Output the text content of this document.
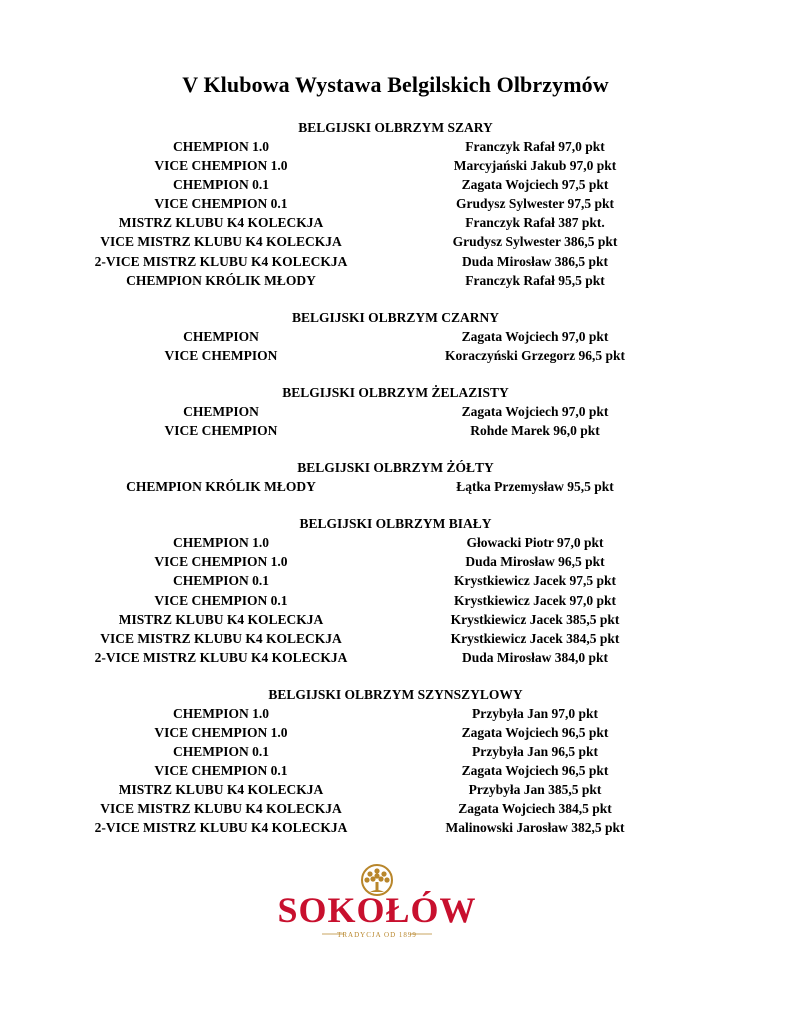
V Klubowa Wystawa Belgilskich Olbrzymów
BELGIJSKI OLBRZYM SZARY
CHEMPION 1.0	Franczyk Rafał 97,0 pkt
VICE CHEMPION 1.0	Marcyjański Jakub 97,0 pkt
CHEMPION 0.1	Zagata Wojciech 97,5 pkt
VICE CHEMPION 0.1	Grudysz Sylwester 97,5 pkt
MISTRZ KLUBU K4 KOLECKJA	Franczyk Rafał 387 pkt.
VICE MISTRZ KLUBU K4 KOLECKJA	Grudysz Sylwester 386,5 pkt
2-VICE MISTRZ KLUBU K4 KOLECKJA	Duda Mirosław 386,5 pkt
CHEMPION KRÓLIK MŁODY	Franczyk Rafał 95,5 pkt
BELGIJSKI OLBRZYM CZARNY
CHEMPION	Zagata Wojciech 97,0 pkt
VICE CHEMPION	Koraczyński Grzegorz 96,5 pkt
BELGIJSKI OLBRZYM ŻELAZISTY
CHEMPION	Zagata Wojciech 97,0 pkt
VICE CHEMPION	Rohde Marek 96,0 pkt
BELGIJSKI OLBRZYM ŻÓŁTY
CHEMPION KRÓLIK MŁODY	Łątka Przemysław 95,5 pkt
BELGIJSKI OLBRZYM BIAŁY
CHEMPION 1.0	Głowacki Piotr 97,0 pkt
VICE CHEMPION 1.0	Duda Mirosław 96,5 pkt
CHEMPION 0.1	Krystkiewicz Jacek 97,5 pkt
VICE CHEMPION 0.1	Krystkiewicz Jacek 97,0 pkt
MISTRZ KLUBU K4 KOLECKJA	Krystkiewicz Jacek 385,5 pkt
VICE MISTRZ KLUBU K4 KOLECKJA	Krystkiewicz Jacek 384,5 pkt
2-VICE MISTRZ KLUBU K4 KOLECKJA	Duda Mirosław 384,0 pkt
BELGIJSKI OLBRZYM SZYNSZYLOWY
CHEMPION 1.0	Przybyła Jan 97,0 pkt
VICE CHEMPION 1.0	Zagata Wojciech 96,5 pkt
CHEMPION 0.1	Przybyła Jan 96,5 pkt
VICE CHEMPION 0.1	Zagata Wojciech 96,5 pkt
MISTRZ KLUBU K4 KOLECKJA	Przybyła Jan 385,5 pkt
VICE MISTRZ KLUBU K4 KOLECKJA	Zagata Wojciech 384,5 pkt
2-VICE MISTRZ KLUBU K4 KOLECKJA	Malinowski Jarosław 382,5 pkt
SOKOŁÓW
TRADYCJA OD 1899
